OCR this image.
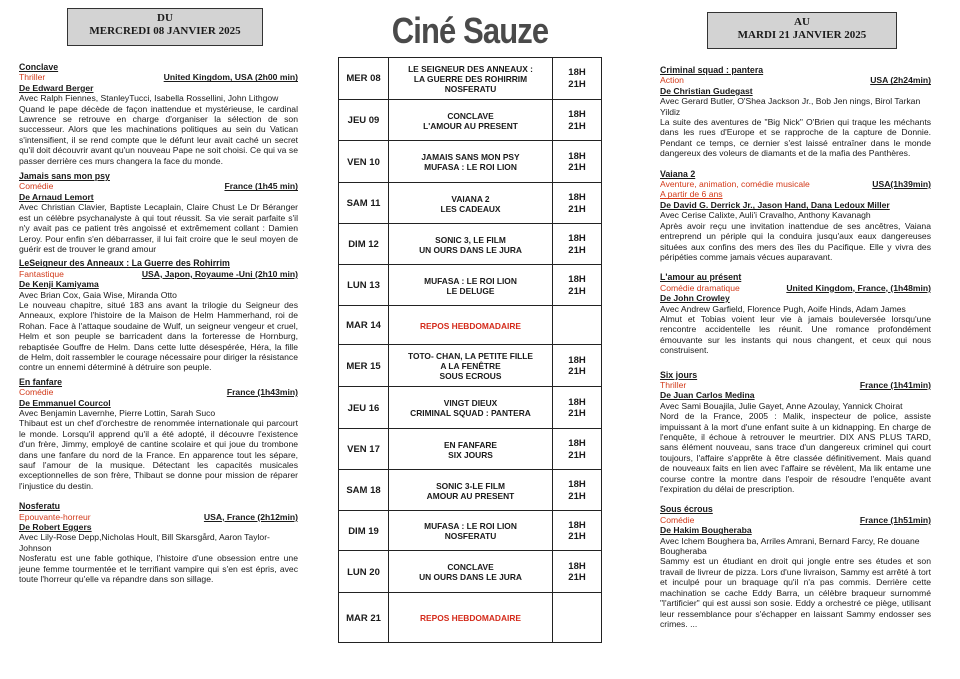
DU
MERCREDI 08 JANVIER 2025	Ciné Sauze	AU
MARDI 21 JANVIER 2025
Conclave
Thriller	United Kingdom, USA (2h00 min)
De Edward Berger
Avec Ralph Fiennes, StanleyTucci, Isabella Rossellini, John Lithgow
Quand le pape décède de façon inattendue et mystérieuse, le cardinal Lawrence se retrouve en charge d'organiser la sélection de son successeur. Alors que les machinations politiques au sein du Vatican s'intensifient, il se rend compte que le défunt leur avait caché un secret qu'il doit découvrir avant qu'un nouveau Pape ne soit choisi. Ce qui va se passer derrière ces murs changera la face du monde.
Jamais sans mon psy
Comédie	France (1h45 min)
De Arnaud Lemort
Avec Christian Clavier, Baptiste Lecaplain, Claire Chust Le Dr Béranger est un célèbre psychanalyste à qui tout réussit. Sa vie serait parfaite s'il n'y avait pas ce patient très angoissé et extrêmement collant : Damien Leroy. Pour enfin s'en débarrasser, il lui fait croire que le seul moyen de guérir est de trouver le grand amour
LeSeigneur des Anneaux : La Guerre des Rohirrim
Fantastique	USA, Japon, Royaume -Uni (2h10 min)
De Kenji Kamiyama
Avec Brian Cox, Gaia Wise, Miranda Otto
Le nouveau chapitre, situé 183 ans avant la trilogie du Seigneur des Anneaux, explore l'histoire de la Maison de Helm Hammerhand, roi de Rohan. Face à l'attaque soudaine de Wulf, un seigneur vengeur et cruel, Helm et son peuple se barricadent dans la forteresse de Hornburg, rebaptisée Gouffre de Helm. Dans cette lutte désespérée, Héra, la fille de Helm, doit rassembler le courage nécessaire pour diriger la résistance contre un ennemi déterminé à détruire son peuple.
En fanfare
Comédie	France (1h43min)
De Emmanuel Courcol
Avec Benjamin Lavernhe, Pierre Lottin, Sarah Suco
Thibaut est un chef d'orchestre de renommée internationale qui parcourt le monde. Lorsqu'il apprend qu'il a été adopté, il découvre l'existence d'un frère, Jimmy, employé de cantine scolaire et qui joue du trombone dans une fanfare du nord de la France. En apparence tout les sépare, sauf l'amour de la musique. Détectant les capacités musicales exceptionnelles de son frère, Thibaut se donne pour mission de réparer l'injustice du destin.
Nosferatu
Epouvante-horreur	USA, France (2h12min)
De Robert Eggers
Avec Lily-Rose Depp,Nicholas Hoult, Bill Skarsgård, Aaron Taylor-Johnson
Nosferatu est une fable gothique, l'histoire d'une obsession entre une jeune femme tourmentée et le terrifiant vampire qui s'en est épris, avec toute l'horreur qu'elle va répandre dans son sillage.
MER 08
LE SEIGNEUR DES ANNEAUX :
LA GUERRE DES ROHIRRIM
NOSFERATU
18H
21H
JEU 09	CONCLAVE
L'AMOUR AU PRESENT
18H
21H
VEN 10	JAMAIS SANS MON PSY
MUFASA : LE ROI LION
18H
21H
SAM 11	VAIANA 2
LES CADEAUX
18H
21H
DIM 12	SONIC 3, LE FILM
UN OURS DANS LE JURA
18H
21H
LUN 13	MUFASA : LE ROI LION
LE DELUGE
18H
21H
MAR 14	REPOS HEBDOMADAIRE
MER 15
TOTO- CHAN, LA PETITE FILLE
A LA FENÊTRE
SOUS ECROUS
18H
21H
JEU 16	VINGT DIEUX
CRIMINAL SQUAD : PANTERA
18H
21H
VEN 17	EN FANFARE
SIX JOURS
18H
21H
SAM 18	SONIC 3-LE FILM
AMOUR AU PRESENT
18H
21H
DIM 19	MUFASA : LE ROI LION
NOSFERATU
18H
21H
LUN 20	CONCLAVE
UN OURS DANS LE JURA
18H
21H
MAR 21	REPOS HEBDOMADAIRE
Criminal squad : pantera
Action	USA (2h24min)
De Christian Gudegast
Avec Gerard Butler, O'Shea Jackson Jr., Bob Jen nings, Birol Tarkan Yildiz
La suite des aventures de "Big Nick" O'Brien qui traque les méchants dans les rues d'Europe et se rapproche de la capture de Donnie. Pendant ce temps, ce dernier s'est laissé entraîner dans le monde dangereux des voleurs de diamants et de la mafia des Panthères.
Vaiana 2
Aventure, animation, comédie musicale	USA(1h39min)
A partir de 6 ans
De David G. Derrick Jr., Jason Hand, Dana Ledoux Miller
Avec Cerise Calixte, Auli'i Cravalho, Anthony Kavanagh
Après avoir reçu une invitation inattendue de ses ancêtres, Vaiana entreprend un périple qui la conduira jusqu'aux eaux dangereuses situées aux confins des mers des îles du Pacifique. Elle y vivra des péripéties comme jamais vécues auparavant.
L'amour au présent
Comédie dramatique	United Kingdom, France, (1h48min)
De John Crowley
Avec Andrew Garfield, Florence Pugh, Aoife Hinds, Adam James
Almut et Tobias voient leur vie à jamais bouleversée lorsqu'une rencontre accidentelle les réunit. Une romance profondément émouvante sur les instants qui nous changent, et ceux qui nous construisent.
Six jours
Thriller	France (1h41min)
De Juan Carlos Medina
Avec Sami Bouajila, Julie Gayet, Anne Azoulay, Yannick Choirat
Nord de la France, 2005 : Malik, inspecteur de police, assiste impuissant à la mort d'une enfant suite à un kidnapping. En charge de l'enquête, il échoue à retrouver le meurtrier. DIX ANS PLUS TARD, sans élément nouveau, sans trace d'un dangereux criminel qui court toujours, l'affaire s'apprête à être classée définitivement. Mais quand de nouveaux faits en lien avec l'affaire se révèlent, Ma lik entame une course contre la montre dans l'espoir de résoudre l'enquête avant l'expiration du délai de prescription.
Sous écrous
Comédie	France (1h51min)
De Hakim Bougheraba
Avec Ichem Boughera ba, Arriles Amrani, Bernard Farcy, Re douane Bougheraba
Sammy est un étudiant en droit qui jongle entre ses études et son travail de livreur de pizza. Lors d'une livraison, Sammy est arrêté à tort et inculpé pour un braquage qu'il n'a pas commis. Derrière cette machination se cache Eddy Barra, un célèbre braqueur surnommé "l'artificier" qui est aussi son sosie. Eddy a orchestré ce piège, utilisant leur ressemblance pour s'échapper en laissant Sammy endosser ses crimes. ...
